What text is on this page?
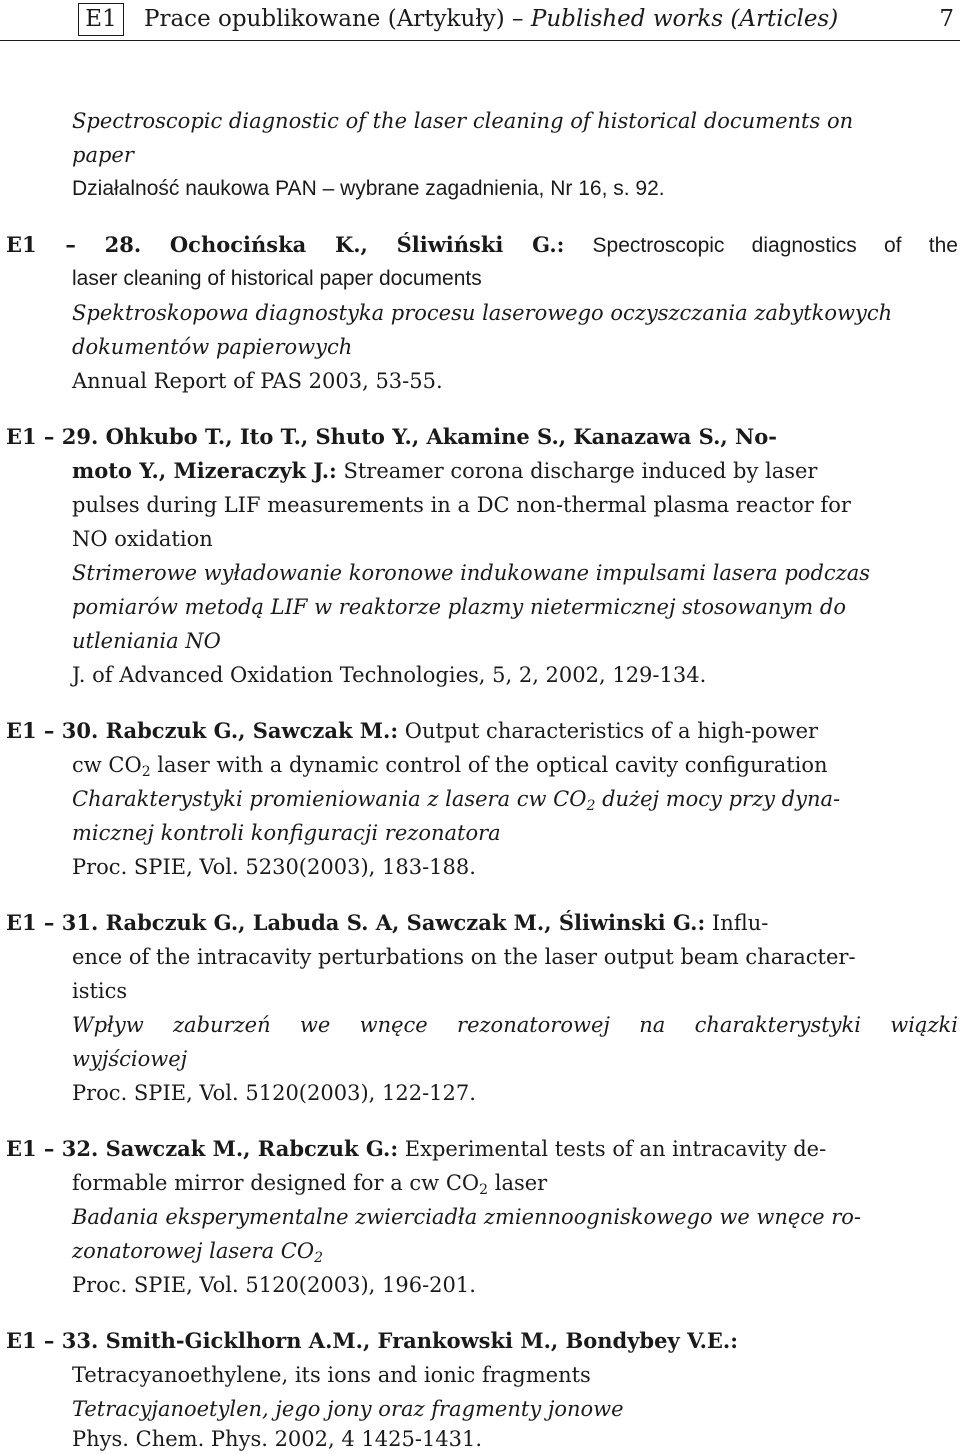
E1	Prace opublikowane (Artykuły) – Published works (Articles)	7
Spectroscopic diagnostic of the laser cleaning of historical documents on
paper
Działalność naukowa PAN – wybrane zagadnienia, Nr 16, s. 92.
E1 – 28. Ochocińska K., Śliwiński G.: Spectroscopic diagnostics of the
laser cleaning of historical paper documents
Spektroskopowa diagnostyka procesu laserowego oczyszczania zabytkowych
dokumentów papierowych
Annual Report of PAS 2003, 53-55.
E1 – 29. Ohkubo T., Ito T., Shuto Y., Akamine S., Kanazawa S., No-
moto Y., Mizeraczyk J.: Streamer corona discharge induced by laser
pulses during LIF measurements in a DC non-thermal plasma reactor for
NO oxidation
Strimerowe wyładowanie koronowe indukowane impulsami lasera podczas
pomiarów metodą LIF w reaktorze plazmy nietermicznej stosowanym do
utleniania NO
J. of Advanced Oxidation Technologies, 5, 2, 2002, 129-134.
E1 – 30. Rabczuk G., Sawczak M.: Output characteristics of a high-power
cw $CO_2$ laser with a dynamic control of the optical cavity configuration
Charakterystyki promieniowania z lasera cw $CO_2$ dużej mocy przy dyna-
micznej kontroli konfiguracji rezonatora
Proc. SPIE, Vol. 5230(2003), 183-188.
E1 – 31. Rabczuk G., Labuda S. A, Sawczak M., Śliwinski G.: Influ-
ence of the intracavity perturbations on the laser output beam character-
istics
Wpływ zaburzeń we wnęce rezonatorowej na charakterystyki wiązki
wyjściowej
Proc. SPIE, Vol. 5120(2003), 122-127.
E1 – 32. Sawczak M., Rabczuk G.: Experimental tests of an intracavity de-
formable mirror designed for a cw $CO_2$ laser
Badania eksperymentalne zwierciadła zmiennoogniskowego we wnęce ro-
zonatorowej lasera $CO_2$
Proc. SPIE, Vol. 5120(2003), 196-201.
E1 – 33. Smith-Gicklhorn A.M., Frankowski M., Bondybey V.E.:
Tetracyanoethylene, its ions and ionic fragments
Tetracyjanoetylen, jego jony oraz fragmenty jonowe
Phys. Chem. Phys. 2002, 4 1425-1431.
